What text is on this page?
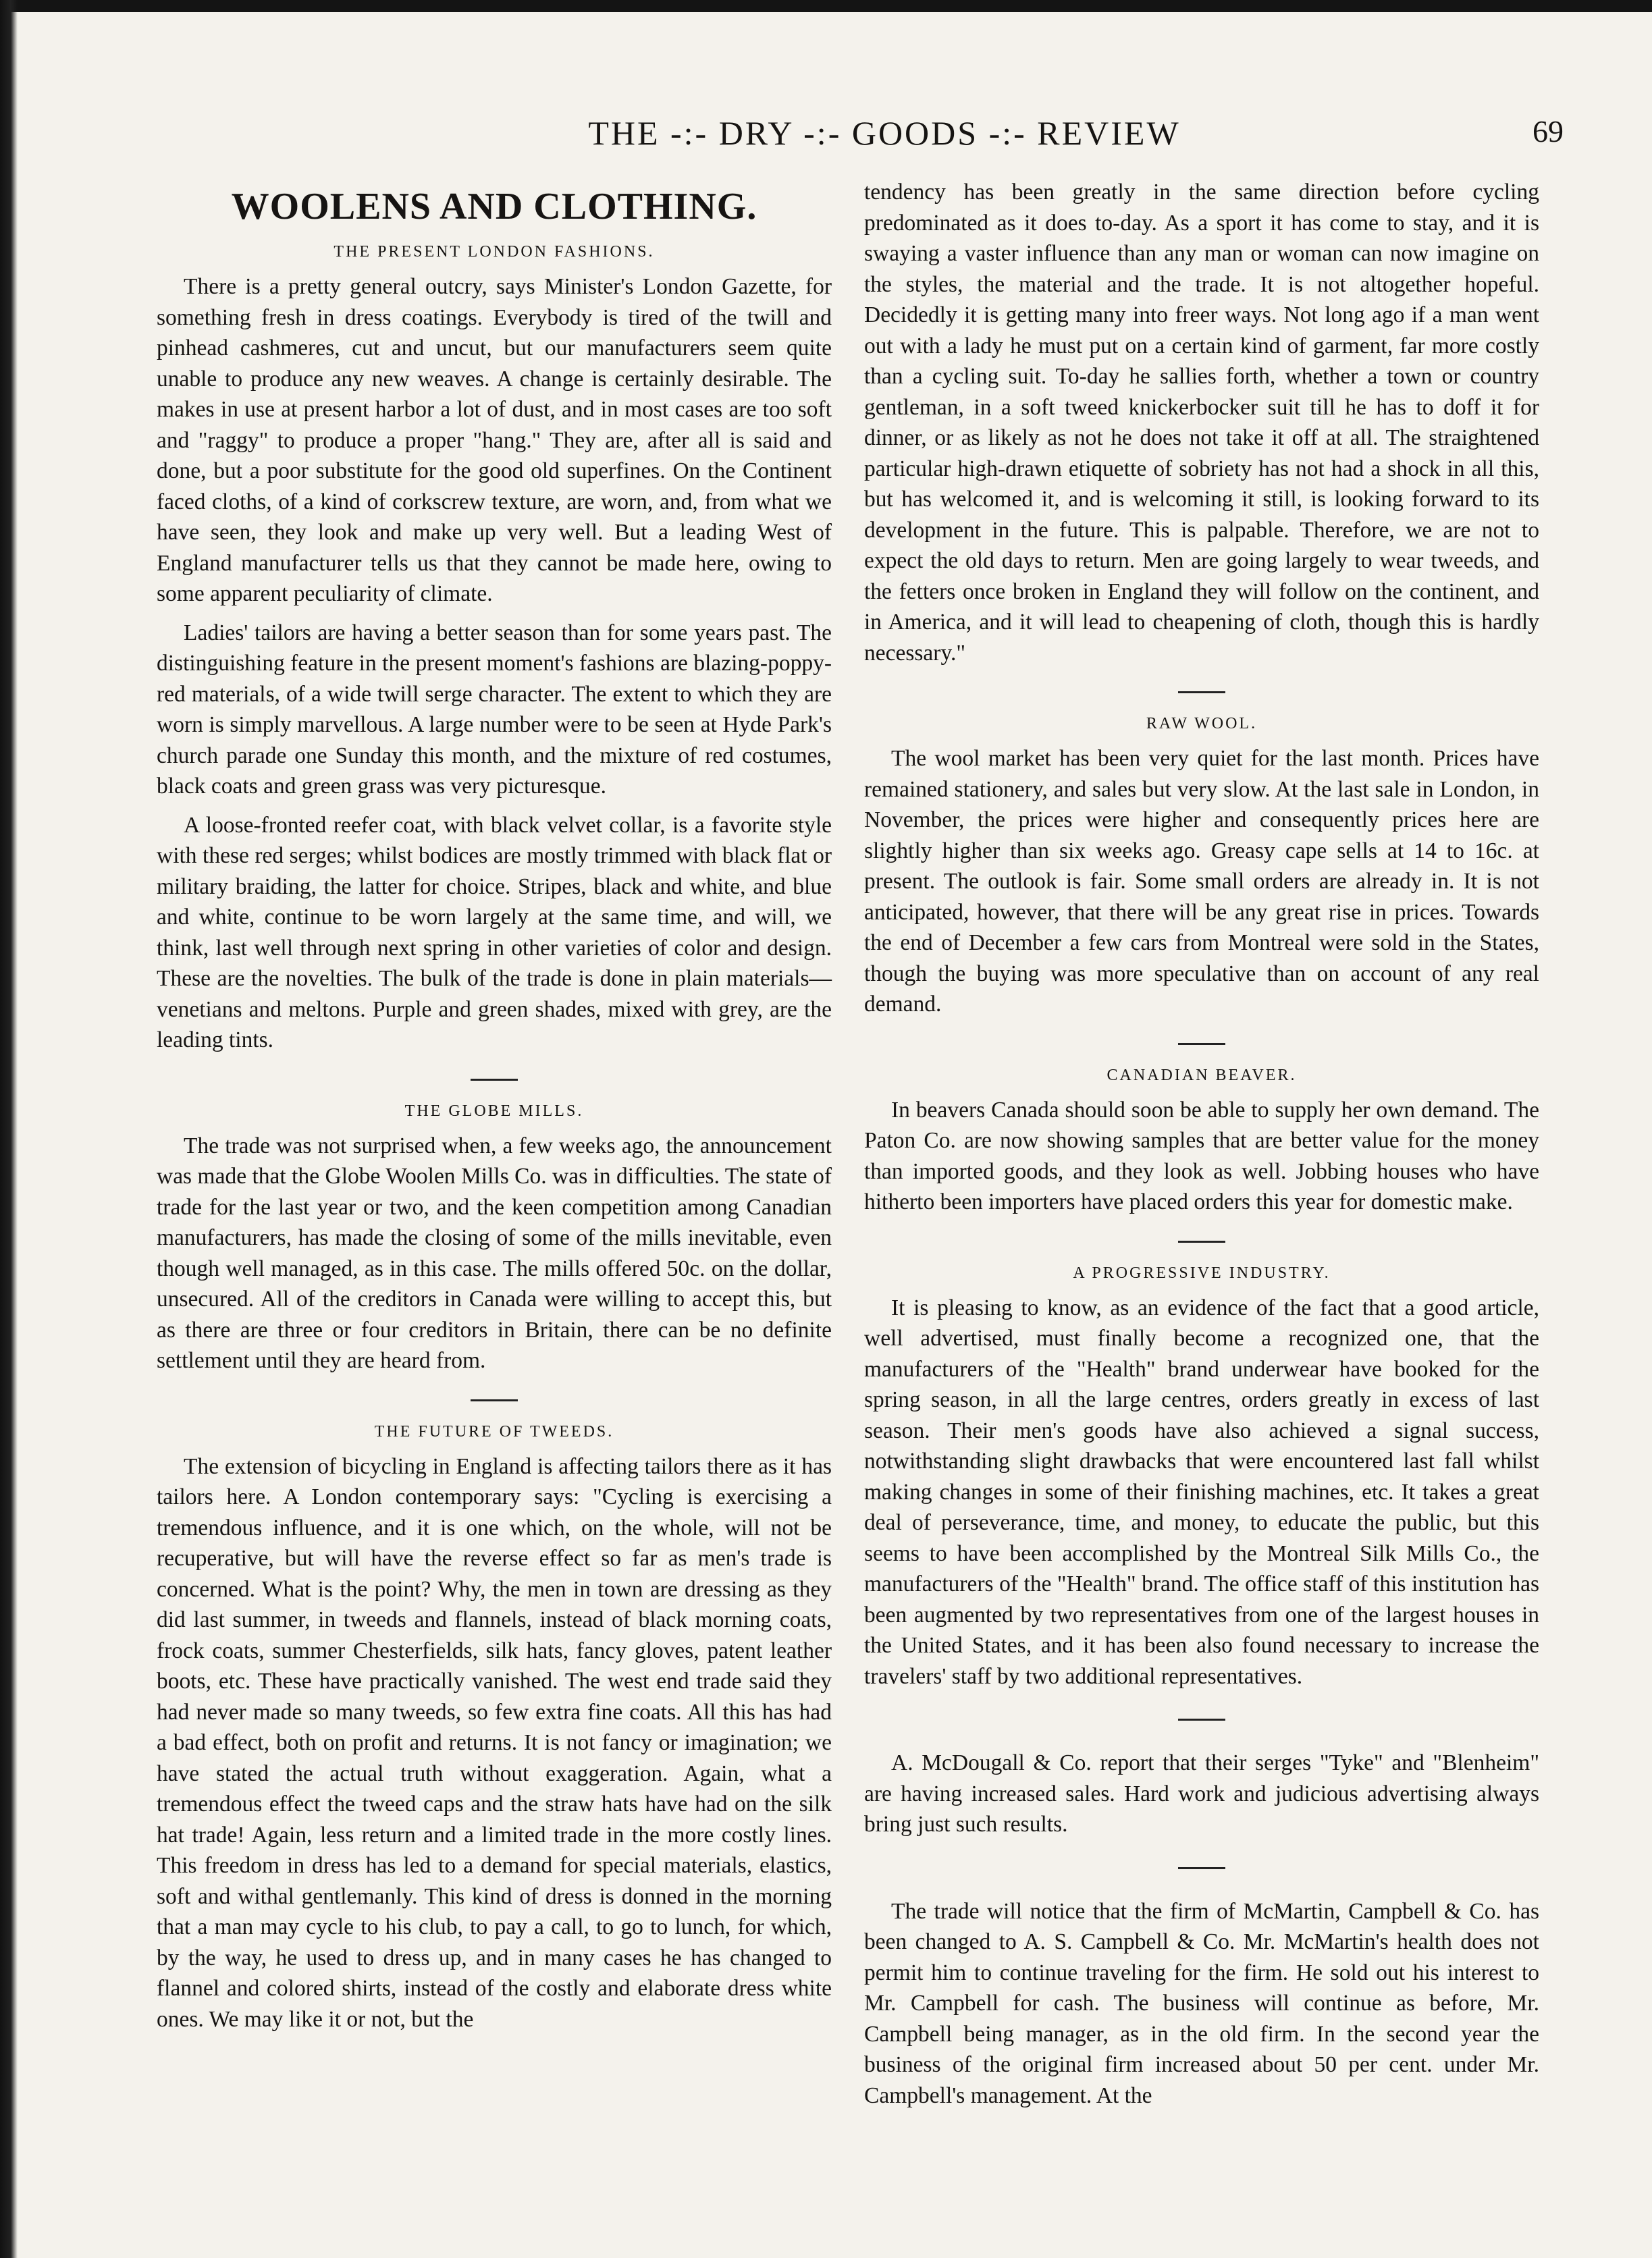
THE -:- DRY -:- GOODS -:- REVIEW	69
WOOLENS AND CLOTHING.
THE PRESENT LONDON FASHIONS.

There is a pretty general outcry, says Minister's London Gazette, for something fresh in dress coatings. Everybody is tired of the twill and pinhead cashmeres, cut and uncut, but our manufacturers seem quite unable to produce any new weaves. A change is certainly desirable. The makes in use at present harbor a lot of dust, and in most cases are too soft and "raggy" to produce a proper "hang." They are, after all is said and done, but a poor substitute for the good old superfines. On the Continent faced cloths, of a kind of corkscrew texture, are worn, and, from what we have seen, they look and make up very well. But a leading West of England manufacturer tells us that they cannot be made here, owing to some apparent peculiarity of climate.

Ladies' tailors are having a better season than for some years past. The distinguishing feature in the present moment's fashions are blazing-poppy-red materials, of a wide twill serge character. The extent to which they are worn is simply marvellous. A large number were to be seen at Hyde Park's church parade one Sunday this month, and the mixture of red costumes, black coats and green grass was very picturesque.

A loose-fronted reefer coat, with black velvet collar, is a favorite style with these red serges; whilst bodices are mostly trimmed with black flat or military braiding, the latter for choice. Stripes, black and white, and blue and white, continue to be worn largely at the same time, and will, we think, last well through next spring in other varieties of color and design. These are the novelties. The bulk of the trade is done in plain materials—venetians and meltons. Purple and green shades, mixed with grey, are the leading tints.

THE GLOBE MILLS.

The trade was not surprised when, a few weeks ago, the announcement was made that the Globe Woolen Mills Co. was in difficulties. The state of trade for the last year or two, and the keen competition among Canadian manufacturers, has made the closing of some of the mills inevitable, even though well managed, as in this case. The mills offered 50c. on the dollar, unsecured. All of the creditors in Canada were willing to accept this, but as there are three or four creditors in Britain, there can be no definite settlement until they are heard from.

THE FUTURE OF TWEEDS.

The extension of bicycling in England is affecting tailors there as it has tailors here. A London contemporary says: "Cycling is exercising a tremendous influence, and it is one which, on the whole, will not be recuperative, but will have the reverse effect so far as men's trade is concerned. What is the point? Why, the men in town are dressing as they did last summer, in tweeds and flannels, instead of black morning coats, frock coats, summer Chesterfields, silk hats, fancy gloves, patent leather boots, etc. These have practically vanished. The west end trade said they had never made so many tweeds, so few extra fine coats. All this has had a bad effect, both on profit and returns. It is not fancy or imagination; we have stated the actual truth without exaggeration. Again, what a tremendous effect the tweed caps and the straw hats have had on the silk hat trade! Again, less return and a limited trade in the more costly lines. This freedom in dress has led to a demand for special materials, elastics, soft and withal gentlemanly. This kind of dress is donned in the morning that a man may cycle to his club, to pay a call, to go to lunch, for which, by the way, he used to dress up, and in many cases he has changed to flannel and colored shirts, instead of the costly and elaborate dress white ones. We may like it or not, but the

tendency has been greatly in the same direction before cycling predominated as it does to-day. As a sport it has come to stay, and it is swaying a vaster influence than any man or woman can now imagine on the styles, the material and the trade. It is not altogether hopeful. Decidedly it is getting many into freer ways. Not long ago if a man went out with a lady he must put on a certain kind of garment, far more costly than a cycling suit. To-day he sallies forth, whether a town or country gentleman, in a soft tweed knickerbocker suit till he has to doff it for dinner, or as likely as not he does not take it off at all. The straightened particular high-drawn etiquette of sobriety has not had a shock in all this, but has welcomed it, and is welcoming it still, is looking forward to its development in the future. This is palpable. Therefore, we are not to expect the old days to return. Men are going largely to wear tweeds, and the fetters once broken in England they will follow on the continent, and in America, and it will lead to cheapening of cloth, though this is hardly necessary."

RAW WOOL.

The wool market has been very quiet for the last month. Prices have remained stationery, and sales but very slow. At the last sale in London, in November, the prices were higher and consequently prices here are slightly higher than six weeks ago. Greasy cape sells at 14 to 16c. at present. The outlook is fair. Some small orders are already in. It is not anticipated, however, that there will be any great rise in prices. Towards the end of December a few cars from Montreal were sold in the States, though the buying was more speculative than on account of any real demand.

CANADIAN BEAVER.

In beavers Canada should soon be able to supply her own demand. The Paton Co. are now showing samples that are better value for the money than imported goods, and they look as well. Jobbing houses who have hitherto been importers have placed orders this year for domestic make.

A PROGRESSIVE INDUSTRY.

It is pleasing to know, as an evidence of the fact that a good article, well advertised, must finally become a recognized one, that the manufacturers of the "Health" brand underwear have booked for the spring season, in all the large centres, orders greatly in excess of last season. Their men's goods have also achieved a signal success, notwithstanding slight drawbacks that were encountered last fall whilst making changes in some of their finishing machines, etc. It takes a great deal of perseverance, time, and money, to educate the public, but this seems to have been accomplished by the Montreal Silk Mills Co., the manufacturers of the "Health" brand. The office staff of this institution has been augmented by two representatives from one of the largest houses in the United States, and it has been also found necessary to increase the travelers' staff by two additional representatives.

A. McDougall & Co. report that their serges "Tyke" and "Blenheim" are having increased sales. Hard work and judicious advertising always bring just such results.

The trade will notice that the firm of McMartin, Campbell & Co. has been changed to A. S. Campbell & Co. Mr. McMartin's health does not permit him to continue traveling for the firm. He sold out his interest to Mr. Campbell for cash. The business will continue as before, Mr. Campbell being manager, as in the old firm. In the second year the business of the original firm increased about 50 per cent. under Mr. Campbell's management. At the
